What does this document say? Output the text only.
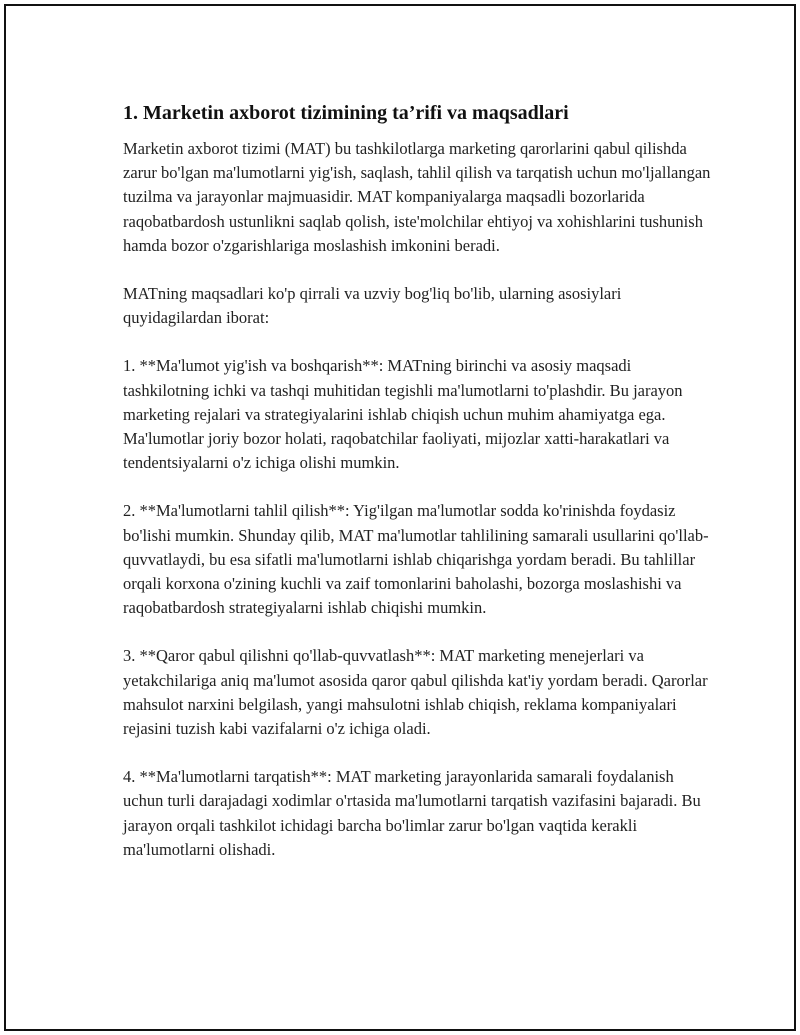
1. Marketin axborot tizimining ta’rifi va maqsadlari

Marketin axborot tizimi (MAT) bu tashkilotlarga marketing qarorlarini qabul qilishda zarur bo'lgan ma'lumotlarni yig'ish, saqlash, tahlil qilish va tarqatish uchun mo'ljallangan tuzilma va jarayonlar majmuasidir. MAT kompaniyalarga maqsadli bozorlarida raqobatbardosh ustunlikni saqlab qolish, iste'molchilar ehtiyoj va xohishlarini tushunish hamda bozor o'zgarishlariga moslashish imkonini beradi.

MATning maqsadlari ko'p qirrali va uzviy bog'liq bo'lib, ularning asosiylari quyidagilardan iborat:

1. **Ma'lumot yig'ish va boshqarish**: MATning birinchi va asosiy maqsadi tashkilotning ichki va tashqi muhitidan tegishli ma'lumotlarni to'plashdir. Bu jarayon marketing rejalari va strategiyalarini ishlab chiqish uchun muhim ahamiyatga ega. Ma'lumotlar joriy bozor holati, raqobatchilar faoliyati, mijozlar xatti-harakatlari va tendentsiyalarni o'z ichiga olishi mumkin.

2. **Ma'lumotlarni tahlil qilish**: Yig'ilgan ma'lumotlar sodda ko'rinishda foydasiz bo'lishi mumkin. Shunday qilib, MAT ma'lumotlar tahlilining samarali usullarini qo'llab-quvvatlaydi, bu esa sifatli ma'lumotlarni ishlab chiqarishga yordam beradi. Bu tahlillar orqali korxona o'zining kuchli va zaif tomonlarini baholashi, bozorga moslashishi va raqobatbardosh strategiyalarni ishlab chiqishi mumkin.

3. **Qaror qabul qilishni qo'llab-quvvatlash**: MAT marketing menejerlari va yetakchilariga aniq ma'lumot asosida qaror qabul qilishda kat'iy yordam beradi. Qarorlar mahsulot narxini belgilash, yangi mahsulotni ishlab chiqish, reklama kompaniyalari rejasini tuzish kabi vazifalarni o'z ichiga oladi.

4. **Ma'lumotlarni tarqatish**: MAT marketing jarayonlarida samarali foydalanish uchun turli darajadagi xodimlar o'rtasida ma'lumotlarni tarqatish vazifasini bajaradi. Bu jarayon orqali tashkilot ichidagi barcha bo'limlar zarur bo'lgan vaqtida kerakli ma'lumotlarni olishadi.
